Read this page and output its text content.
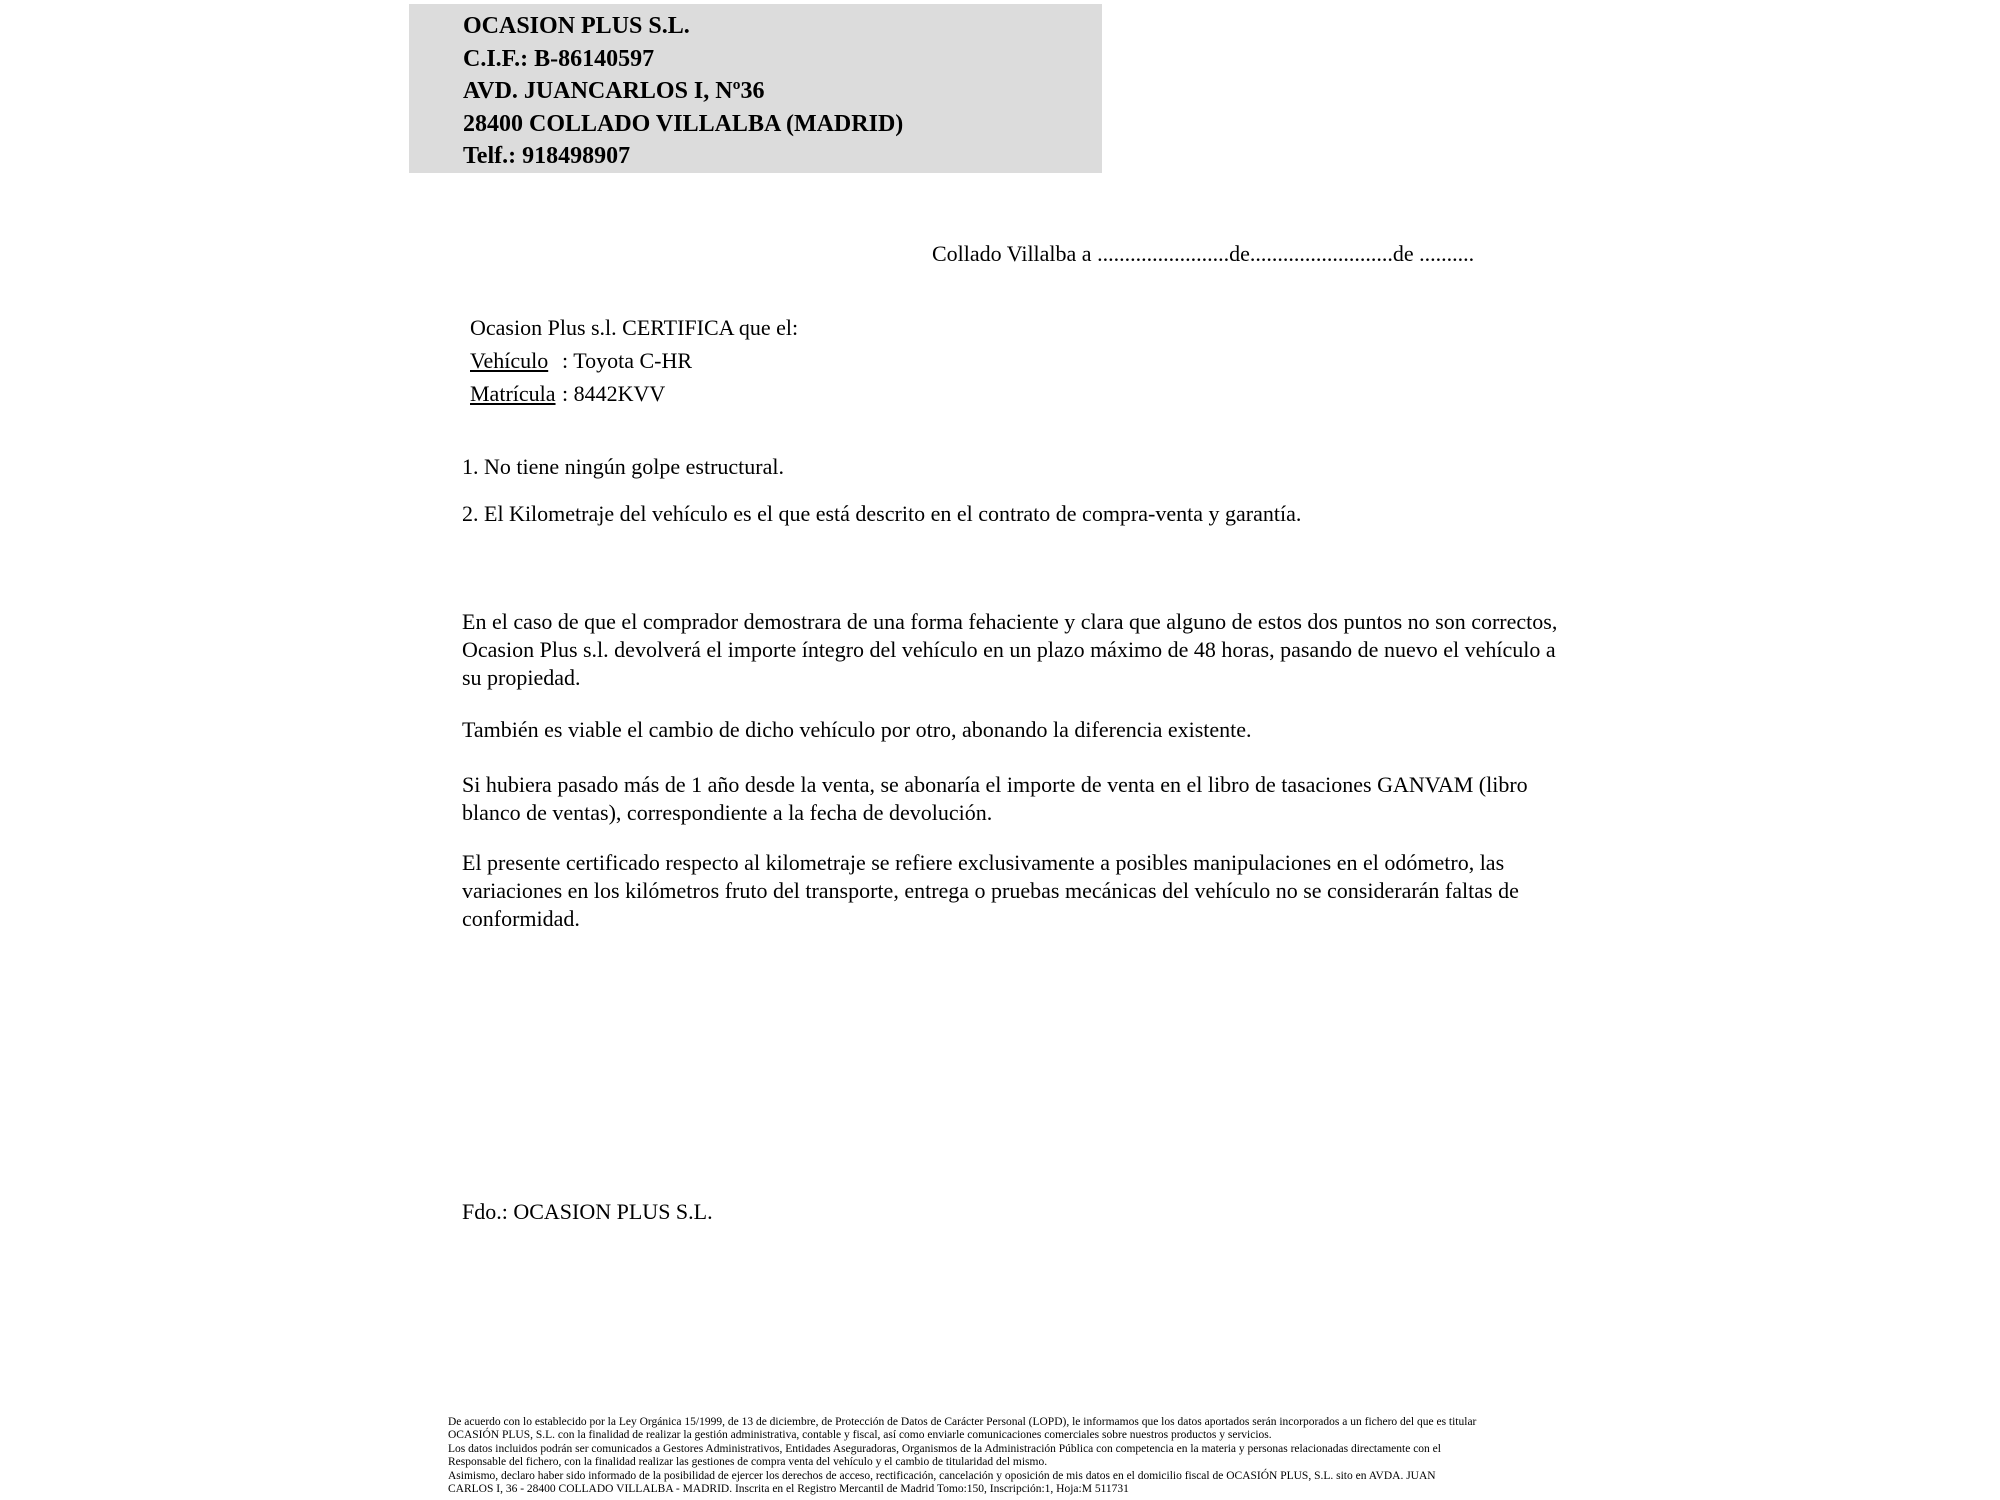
OCASION PLUS S.L.
C.I.F.: B-86140597
AVD. JUANCARLOS I, Nº36
28400 COLLADO VILLALBA (MADRID)
Telf.: 918498907
Collado Villalba a ........................de..........................de ..........
Ocasion Plus s.l. CERTIFICA que el:
Vehículo : Toyota C-HR
Matrícula : 8442KVV
1. No tiene ningún golpe estructural.
2. El Kilometraje del vehículo es el que está descrito en el contrato de compra-venta y garantía.
En el caso de que el comprador demostrara de una forma fehaciente y clara que alguno de estos dos puntos no son correctos, Ocasion Plus s.l. devolverá el importe íntegro del vehículo en un plazo máximo de 48 horas, pasando de nuevo el vehículo a su propiedad.
También es viable el cambio de dicho vehículo por otro, abonando la diferencia existente.
Si hubiera pasado más de 1 año desde la venta, se abonaría el importe de venta en el libro de tasaciones GANVAM (libro blanco de ventas), correspondiente a la fecha de devolución.
El presente certificado respecto al kilometraje se refiere exclusivamente a posibles manipulaciones en el odómetro, las variaciones en los kilómetros fruto del transporte, entrega o pruebas mecánicas del vehículo no se considerarán faltas de conformidad.
Fdo.: OCASION PLUS S.L.
De acuerdo con lo establecido por la Ley Orgánica 15/1999, de 13 de diciembre, de Protección de Datos de Carácter Personal (LOPD), le informamos que los datos aportados serán incorporados a un fichero del que es titular
OCASIÓN PLUS, S.L. con la finalidad de realizar la gestión administrativa, contable y fiscal, así como enviarle comunicaciones comerciales sobre nuestros productos y servicios.
Los datos incluidos podrán ser comunicados a Gestores Administrativos, Entidades Aseguradoras, Organismos de la Administración Pública con competencia en la materia y personas relacionadas directamente con el
Responsable del fichero, con la finalidad realizar las gestiones de compra venta del vehículo y el cambio de titularidad del mismo.
Asimismo, declaro haber sido informado de la posibilidad de ejercer los derechos de acceso, rectificación, cancelación y oposición de mis datos en el domicilio fiscal de OCASIÓN PLUS, S.L. sito en AVDA. JUAN
CARLOS I, 36 - 28400 COLLADO VILLALBA - MADRID. Inscrita en el Registro Mercantil de Madrid Tomo:150, Inscripción:1, Hoja:M 511731
